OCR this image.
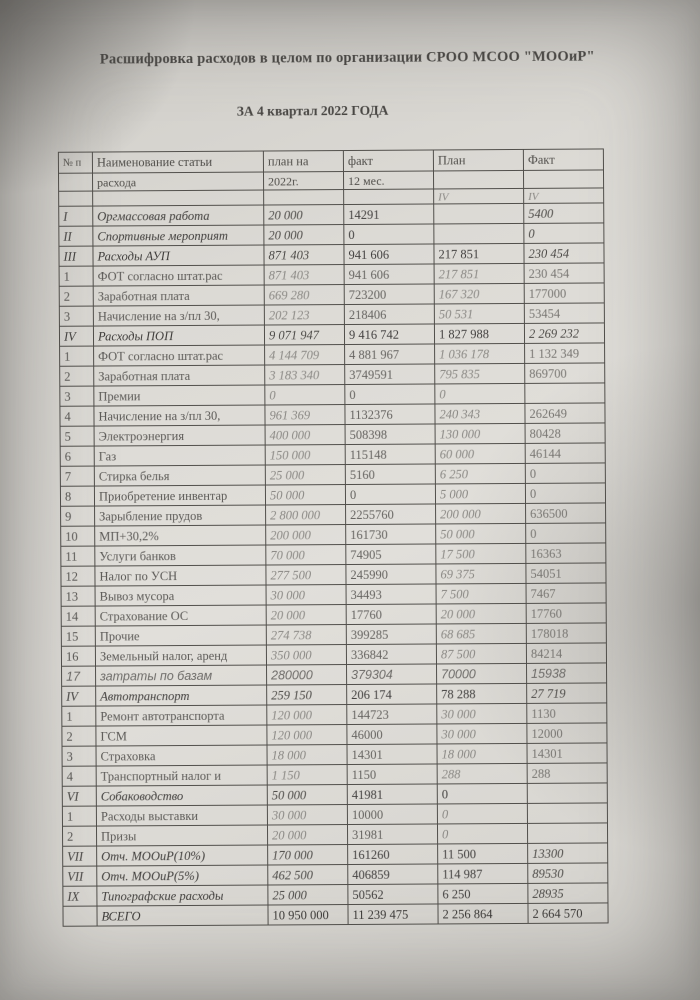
Расшифровка расходов в целом по организации СРОО МСОО "МООиР"
ЗА 4 квартал 2022 ГОДА
№ п	Наименование статьи	план на	факт	План	Факт
	расхода	2022г.	12 мес.		
				IV	IV
I	Оргмассовая работа	20 000	14291		5400
II	Спортивные мероприят	20 000	0		0
III	Расходы АУП	871 403	941 606	217 851	230 454
1	ФОТ согласно штат.рас	871 403	941 606	217 851	230 454
2	Заработная плата	669 280	723200	167 320	177000
3	Начисление на з/пл 30,	202 123	218406	50 531	53454
IV	Расходы ПОП	9 071 947	9 416 742	1 827 988	2 269 232
1	ФОТ согласно штат.рас	4 144 709	4 881 967	1 036 178	1 132 349
2	Заработная плата	3 183 340	3749591	795 835	869700
3	Премии	0	0	0	
4	Начисление на з/пл 30,	961 369	1132376	240 343	262649
5	Электроэнергия	400 000	508398	130 000	80428
6	Газ	150 000	115148	60 000	46144
7	Стирка белья	25 000	5160	6 250	0
8	Приобретение инвентар	50 000	0	5 000	0
9	Зарыбление прудов	2 800 000	2255760	200 000	636500
10	МП+30,2%	200 000	161730	50 000	0
11	Услуги банков	70 000	74905	17 500	16363
12	Налог по УСН	277 500	245990	69 375	54051
13	Вывоз мусора	30 000	34493	7 500	7467
14	Страхование ОС	20 000	17760	20 000	17760
15	Прочие	274 738	399285	68 685	178018
16	Земельный налог, аренд	350 000	336842	87 500	84214
17	затраты по базам	280000	379304	70000	15938
IV	Автотранспорт	259 150	206 174	78 288	27 719
1	Ремонт автотранспорта	120 000	144723	30 000	1130
2	ГСМ	120 000	46000	30 000	12000
3	Страховка	18 000	14301	18 000	14301
4	Транспортный налог и	1 150	1150	288	288
VI	Собаководство	50 000	41981	0	
1	Расходы выставки	30 000	10000	0	
2	Призы	20 000	31981	0	
VII	Отч. МООиР(10%)	170 000	161260	11 500	13300
VII	Отч. МООиР(5%)	462 500	406859	114 987	89530
IX	Типографские расходы	25 000	50562	6 250	28935
	ВСЕГО	10 950 000	11 239 475	2 256 864	2 664 570
